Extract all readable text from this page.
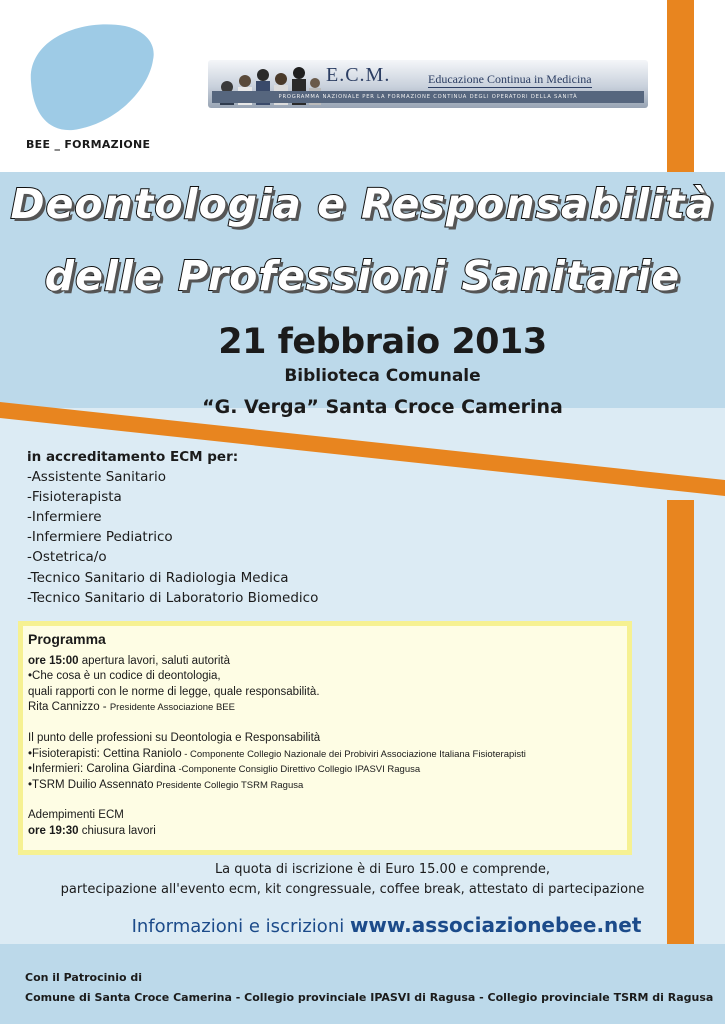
BEE _ FORMAZIONE
E.C.M.	Educazione Continua in Medicina
PROGRAMMA NAZIONALE PER LA FORMAZIONE CONTINUA DEGLI OPERATORI DELLA SANITÀ
Deontologia e Responsabilità
delle Professioni Sanitarie
21 febbraio 2013
Biblioteca Comunale
“G. Verga” Santa Croce Camerina
in accreditamento ECM per:
-Assistente Sanitario
-Fisioterapista
-Infermiere
-Infermiere Pediatrico
-Ostetrica/o
-Tecnico Sanitario di Radiologia Medica
-Tecnico Sanitario di Laboratorio Biomedico
Programma
ore 15:00 apertura lavori, saluti autorità
•Che cosa è un codice di deontologia,
quali rapporti con le norme di legge, quale responsabilità.
Rita Cannizzo - Presidente Associazione BEE
Il punto delle professioni su Deontologia e Responsabilità
•Fisioterapisti: Cettina Raniolo - Componente Collegio Nazionale dei Probiviri Associazione Italiana Fisioterapisti
•Infermieri: Carolina Giardina -Componente Consiglio Direttivo Collegio IPASVI Ragusa
•TSRM Duilio Assennato Presidente Collegio TSRM Ragusa
Adempimenti ECM
ore 19:30 chiusura lavori
La quota di iscrizione è di Euro 15.00 e comprende,
partecipazione all'evento ecm, kit congressuale, coffee break, attestato di partecipazione
Informazioni e iscrizioni www.associazionebee.net
Con il Patrocinio di
Comune di Santa Croce Camerina - Collegio provinciale IPASVI di Ragusa - Collegio provinciale TSRM di Ragusa
